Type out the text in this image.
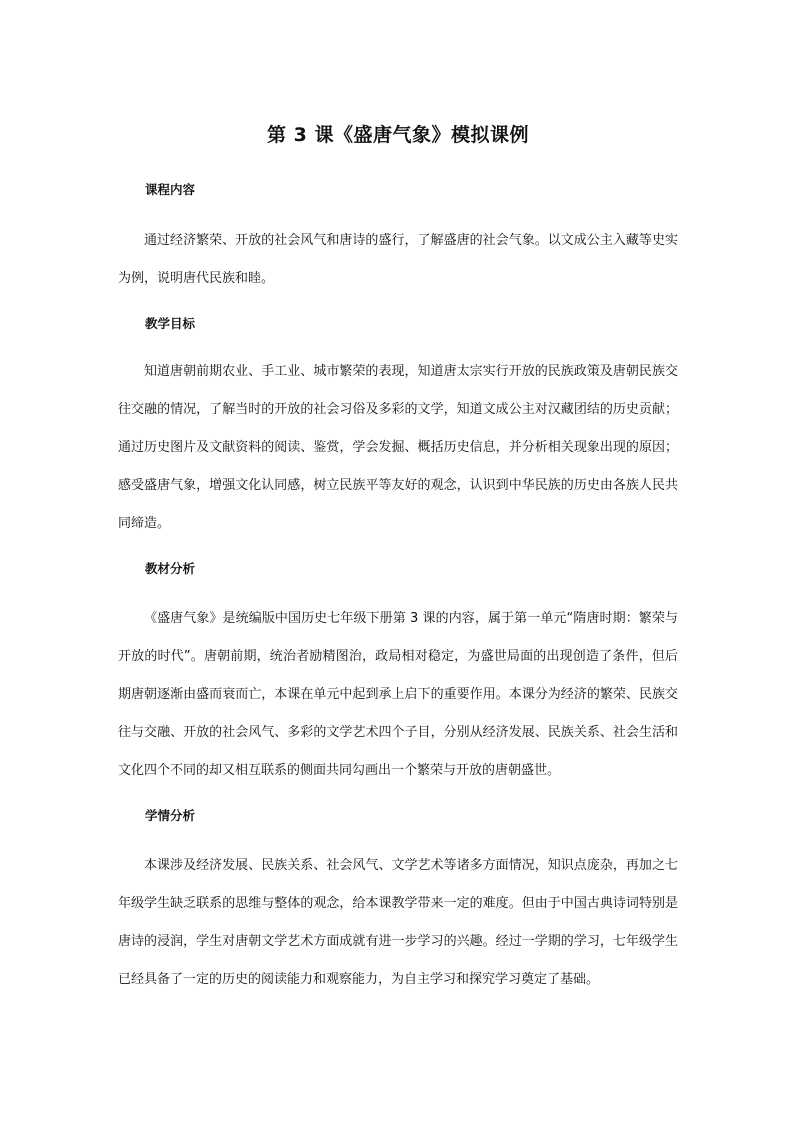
第 3 课《盛唐气象》模拟课例
课程内容

通过经济繁荣、开放的社会风气和唐诗的盛行，了解盛唐的社会气象。以文成公主入藏等史实为例，说明唐代民族和睦。

教学目标

知道唐朝前期农业、手工业、城市繁荣的表现，知道唐太宗实行开放的民族政策及唐朝民族交往交融的情况，了解当时的开放的社会习俗及多彩的文学，知道文成公主对汉藏团结的历史贡献；通过历史图片及文献资料的阅读、鉴赏，学会发掘、概括历史信息，并分析相关现象出现的原因；感受盛唐气象，增强文化认同感，树立民族平等友好的观念，认识到中华民族的历史由各族人民共同缔造。

教材分析

《盛唐气象》是统编版中国历史七年级下册第 3 课的内容，属于第一单元“隋唐时期：繁荣与开放的时代”。唐朝前期，统治者励精图治，政局相对稳定，为盛世局面的出现创造了条件，但后期唐朝逐渐由盛而衰而亡，本课在单元中起到承上启下的重要作用。本课分为经济的繁荣、民族交往与交融、开放的社会风气、多彩的文学艺术四个子目，分别从经济发展、民族关系、社会生活和文化四个不同的却又相互联系的侧面共同勾画出一个繁荣与开放的唐朝盛世。

学情分析

本课涉及经济发展、民族关系、社会风气、文学艺术等诸多方面情况，知识点庞杂，再加之七年级学生缺乏联系的思维与整体的观念，给本课教学带来一定的难度。但由于中国古典诗词特别是唐诗的浸润，学生对唐朝文学艺术方面成就有进一步学习的兴趣。经过一学期的学习，七年级学生已经具备了一定的历史的阅读能力和观察能力，为自主学习和探究学习奠定了基础。
